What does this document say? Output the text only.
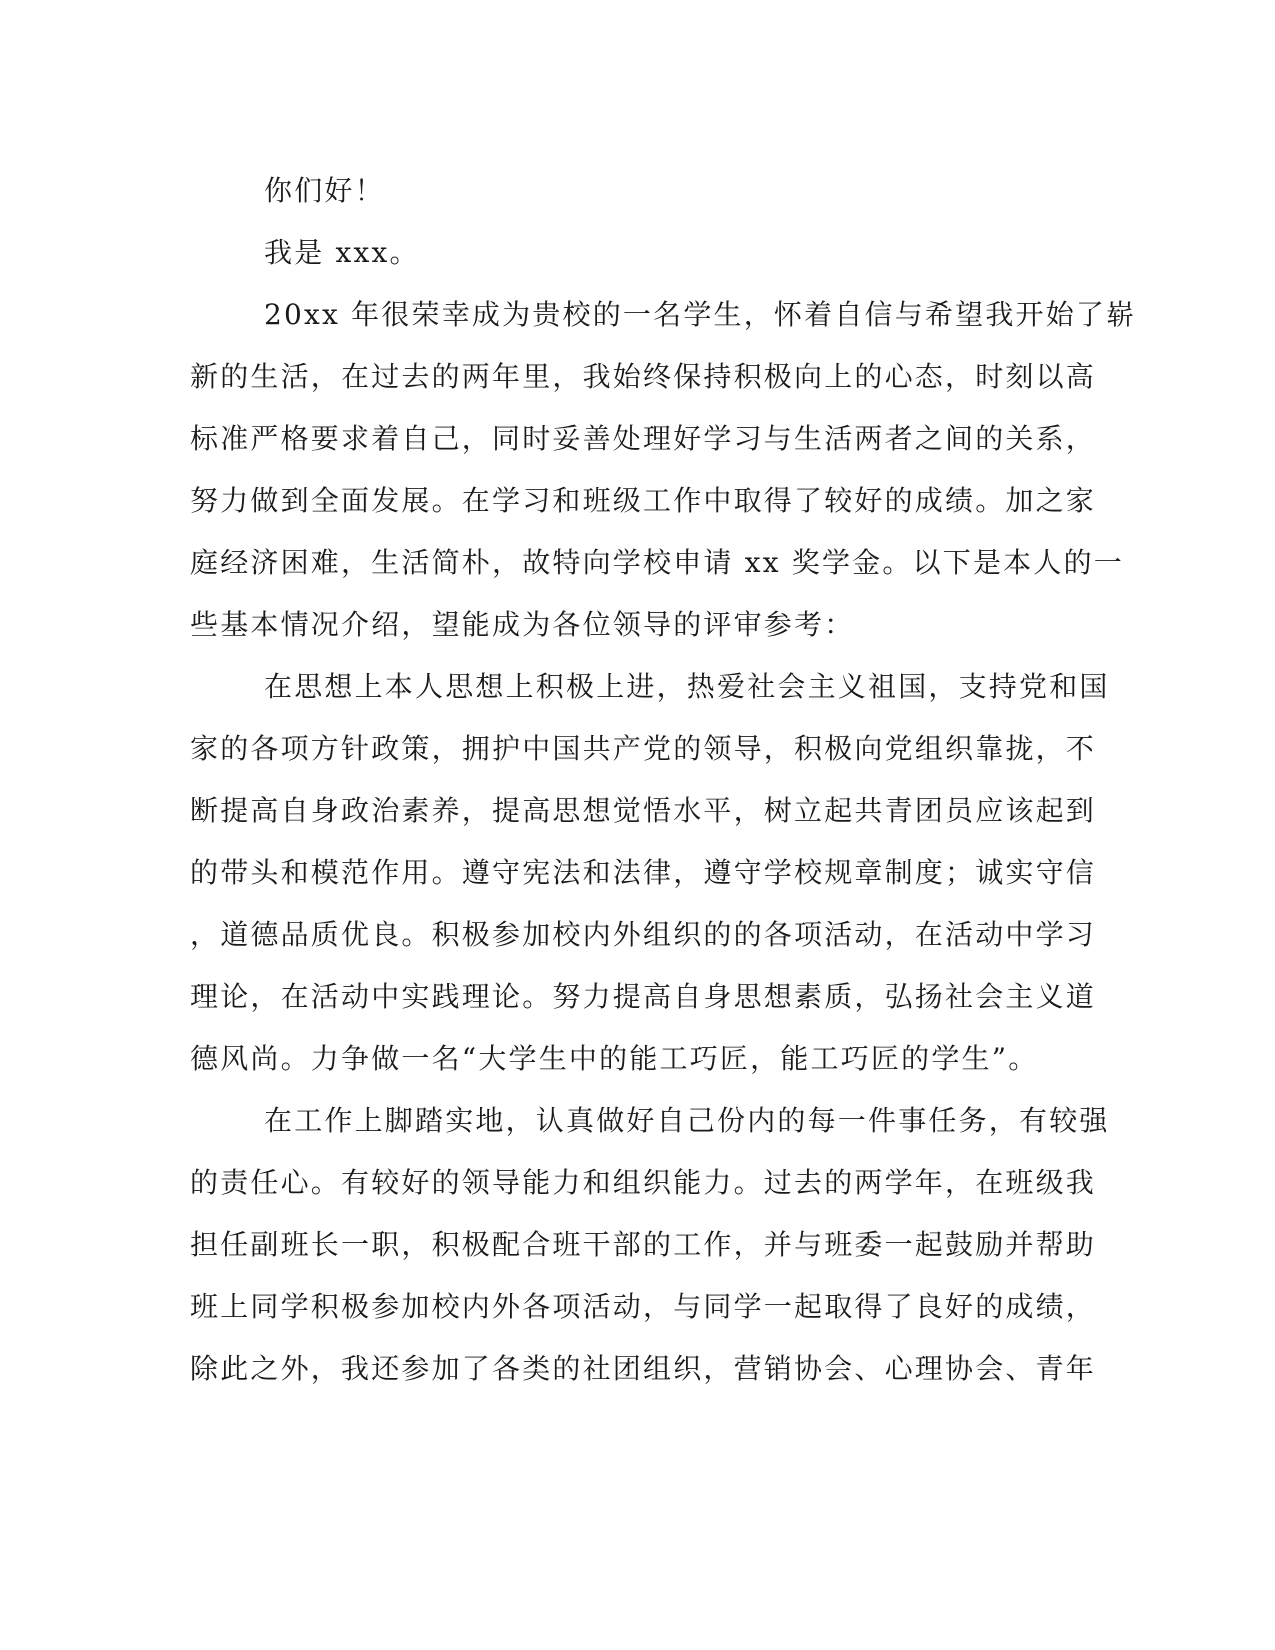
你们好！
我是 xxx。
20xx 年很荣幸成为贵校的一名学生，怀着自信与希望我开始了崭
新的生活，在过去的两年里，我始终保持积极向上的心态，时刻以高
标准严格要求着自己，同时妥善处理好学习与生活两者之间的关系，
努力做到全面发展。在学习和班级工作中取得了较好的成绩。加之家
庭经济困难，生活简朴，故特向学校申请 xx 奖学金。以下是本人的一
些基本情况介绍，望能成为各位领导的评审参考：
在思想上本人思想上积极上进，热爱社会主义祖国，支持党和国
家的各项方针政策，拥护中国共产党的领导，积极向党组织靠拢，不
断提高自身政治素养，提高思想觉悟水平，树立起共青团员应该起到
的带头和模范作用。遵守宪法和法律，遵守学校规章制度；诚实守信
，道德品质优良。积极参加校内外组织的的各项活动，在活动中学习
理论，在活动中实践理论。努力提高自身思想素质，弘扬社会主义道
德风尚。力争做一名“大学生中的能工巧匠，能工巧匠的学生”。
在工作上脚踏实地，认真做好自己份内的每一件事任务，有较强
的责任心。有较好的领导能力和组织能力。过去的两学年，在班级我
担任副班长一职，积极配合班干部的工作，并与班委一起鼓励并帮助
班上同学积极参加校内外各项活动，与同学一起取得了良好的成绩，
除此之外，我还参加了各类的社团组织，营销协会、心理协会、青年
